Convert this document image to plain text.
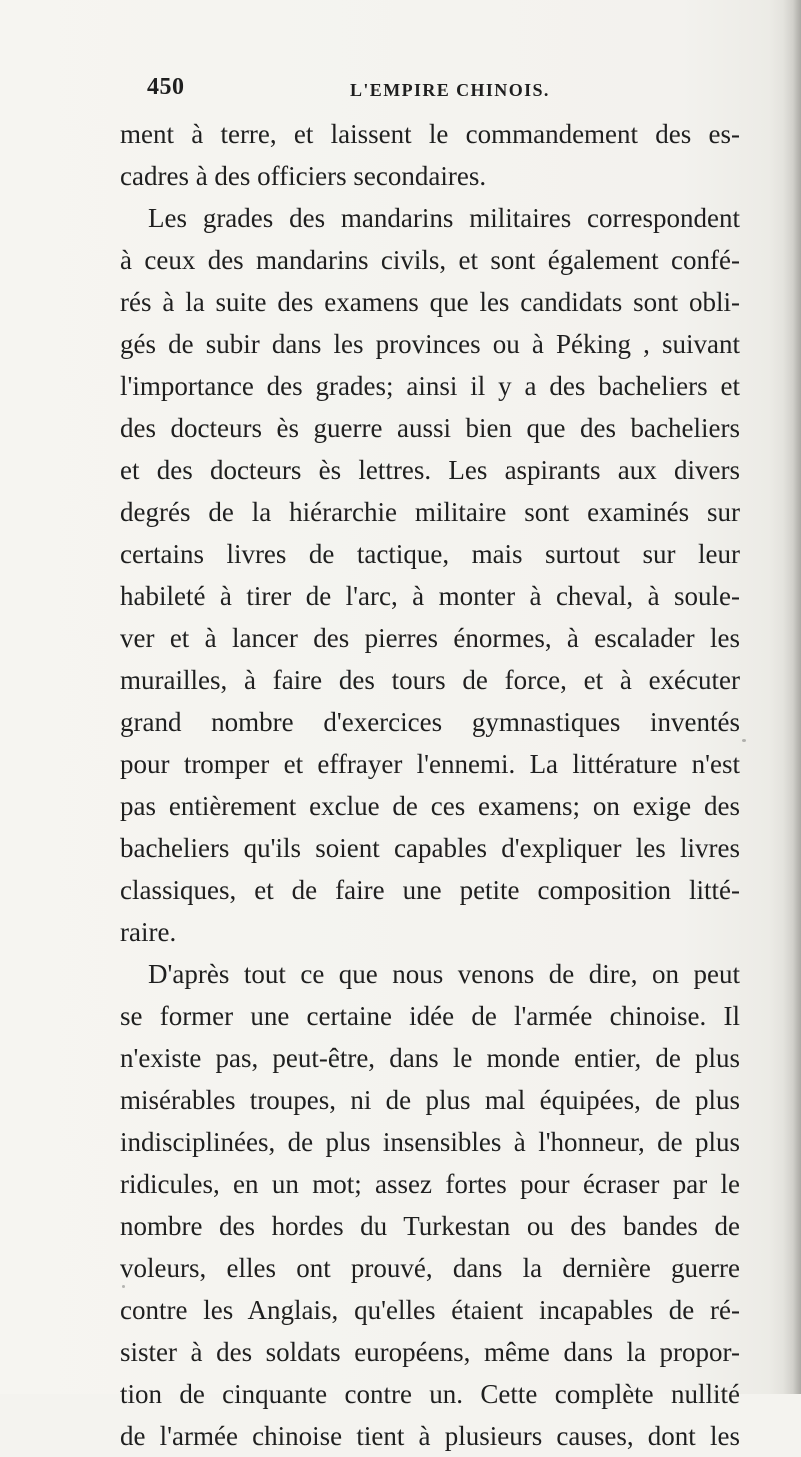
450	L'EMPIRE CHINOIS.
ment à terre, et laissent le commandement des es-
cadres à des officiers secondaires.
Les grades des mandarins militaires correspondent
à ceux des mandarins civils, et sont également confé-
rés à la suite des examens que les candidats sont obli-
gés de subir dans les provinces ou à Péking , suivant
l'importance des grades; ainsi il y a des bacheliers et
des docteurs ès guerre aussi bien que des bacheliers
et des docteurs ès lettres. Les aspirants aux divers
degrés de la hiérarchie militaire sont examinés sur
certains livres de tactique, mais surtout sur leur
habileté à tirer de l'arc, à monter à cheval, à soule-
ver et à lancer des pierres énormes, à escalader les
murailles, à faire des tours de force, et à exécuter
grand nombre d'exercices gymnastiques inventés
pour tromper et effrayer l'ennemi. La littérature n'est
pas entièrement exclue de ces examens; on exige des
bacheliers qu'ils soient capables d'expliquer les livres
classiques, et de faire une petite composition litté-
raire.
D'après tout ce que nous venons de dire, on peut
se former une certaine idée de l'armée chinoise. Il
n'existe pas, peut-être, dans le monde entier, de plus
misérables troupes, ni de plus mal équipées, de plus
indisciplinées, de plus insensibles à l'honneur, de plus
ridicules, en un mot; assez fortes pour écraser par le
nombre des hordes du Turkestan ou des bandes de
voleurs, elles ont prouvé, dans la dernière guerre
contre les Anglais, qu'elles étaient incapables de ré-
sister à des soldats européens, même dans la propor-
tion de cinquante contre un. Cette complète nullité
de l'armée chinoise tient à plusieurs causes, dont les
